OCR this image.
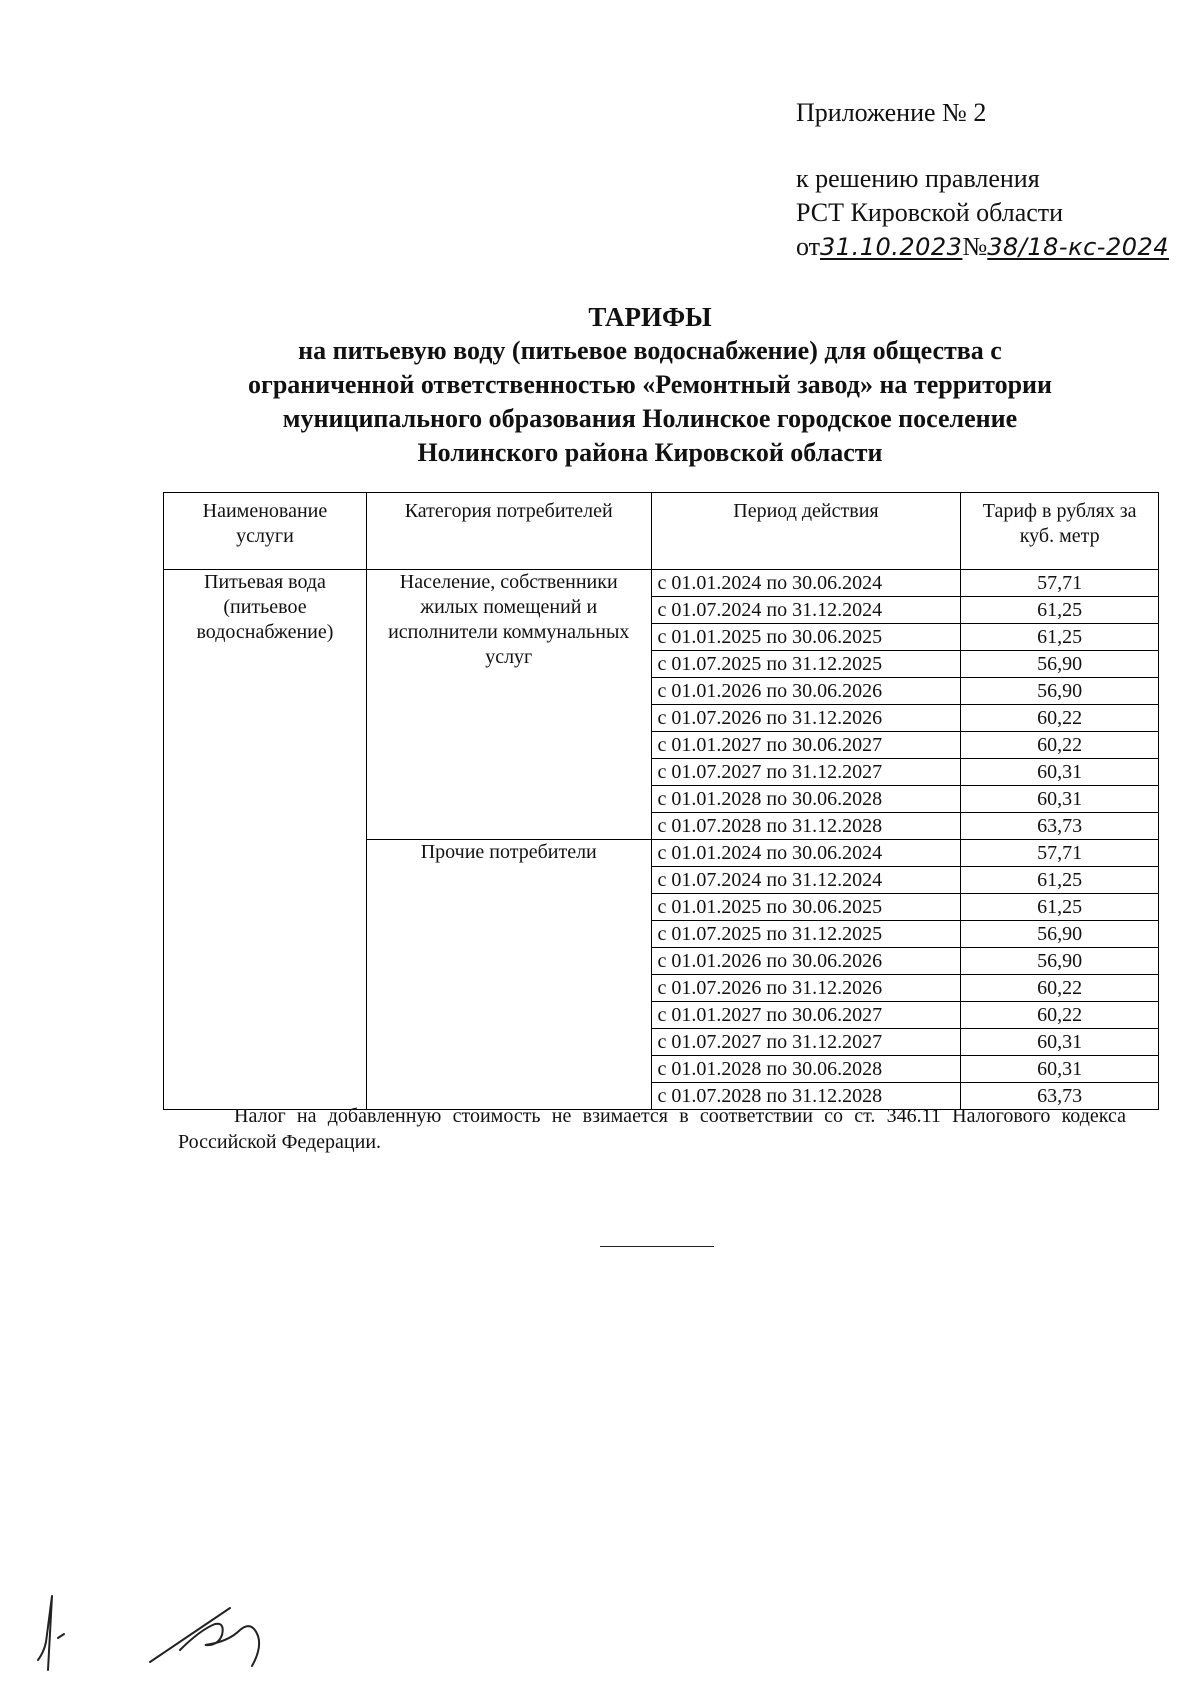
Приложение № 2
к решению правления
РСТ Кировской области
от31.10.2023№38/18-кс-2024
ТАРИФЫ
на питьевую воду (питьевое водоснабжение) для общества с
ограниченной ответственностью «Ремонтный завод» на территории
муниципального образования Нолинское городское поселение
Нолинского района Кировской области
Наименование услуги	Категория потребителей	Период действия	Тариф в рублях за куб. метр
Питьевая вода (питьевое водоснабжение)	Население, собственники жилых помещений и исполнители коммунальных услуг	с 01.01.2024 по 30.06.2024	57,71
		с 01.07.2024 по 31.12.2024	61,25
		с 01.01.2025 по 30.06.2025	61,25
		с 01.07.2025 по 31.12.2025	56,90
		с 01.01.2026 по 30.06.2026	56,90
		с 01.07.2026 по 31.12.2026	60,22
		с 01.01.2027 по 30.06.2027	60,22
		с 01.07.2027 по 31.12.2027	60,31
		с 01.01.2028 по 30.06.2028	60,31
		с 01.07.2028 по 31.12.2028	63,73
	Прочие потребители	с 01.01.2024 по 30.06.2024	57,71
		с 01.07.2024 по 31.12.2024	61,25
		с 01.01.2025 по 30.06.2025	61,25
		с 01.07.2025 по 31.12.2025	56,90
		с 01.01.2026 по 30.06.2026	56,90
		с 01.07.2026 по 31.12.2026	60,22
		с 01.01.2027 по 30.06.2027	60,22
		с 01.07.2027 по 31.12.2027	60,31
		с 01.01.2028 по 30.06.2028	60,31
		с 01.07.2028 по 31.12.2028	63,73
Налог на добавленную стоимость не взимается в соответствии со ст. 346.11 Налогового кодекса Российской Федерации.
